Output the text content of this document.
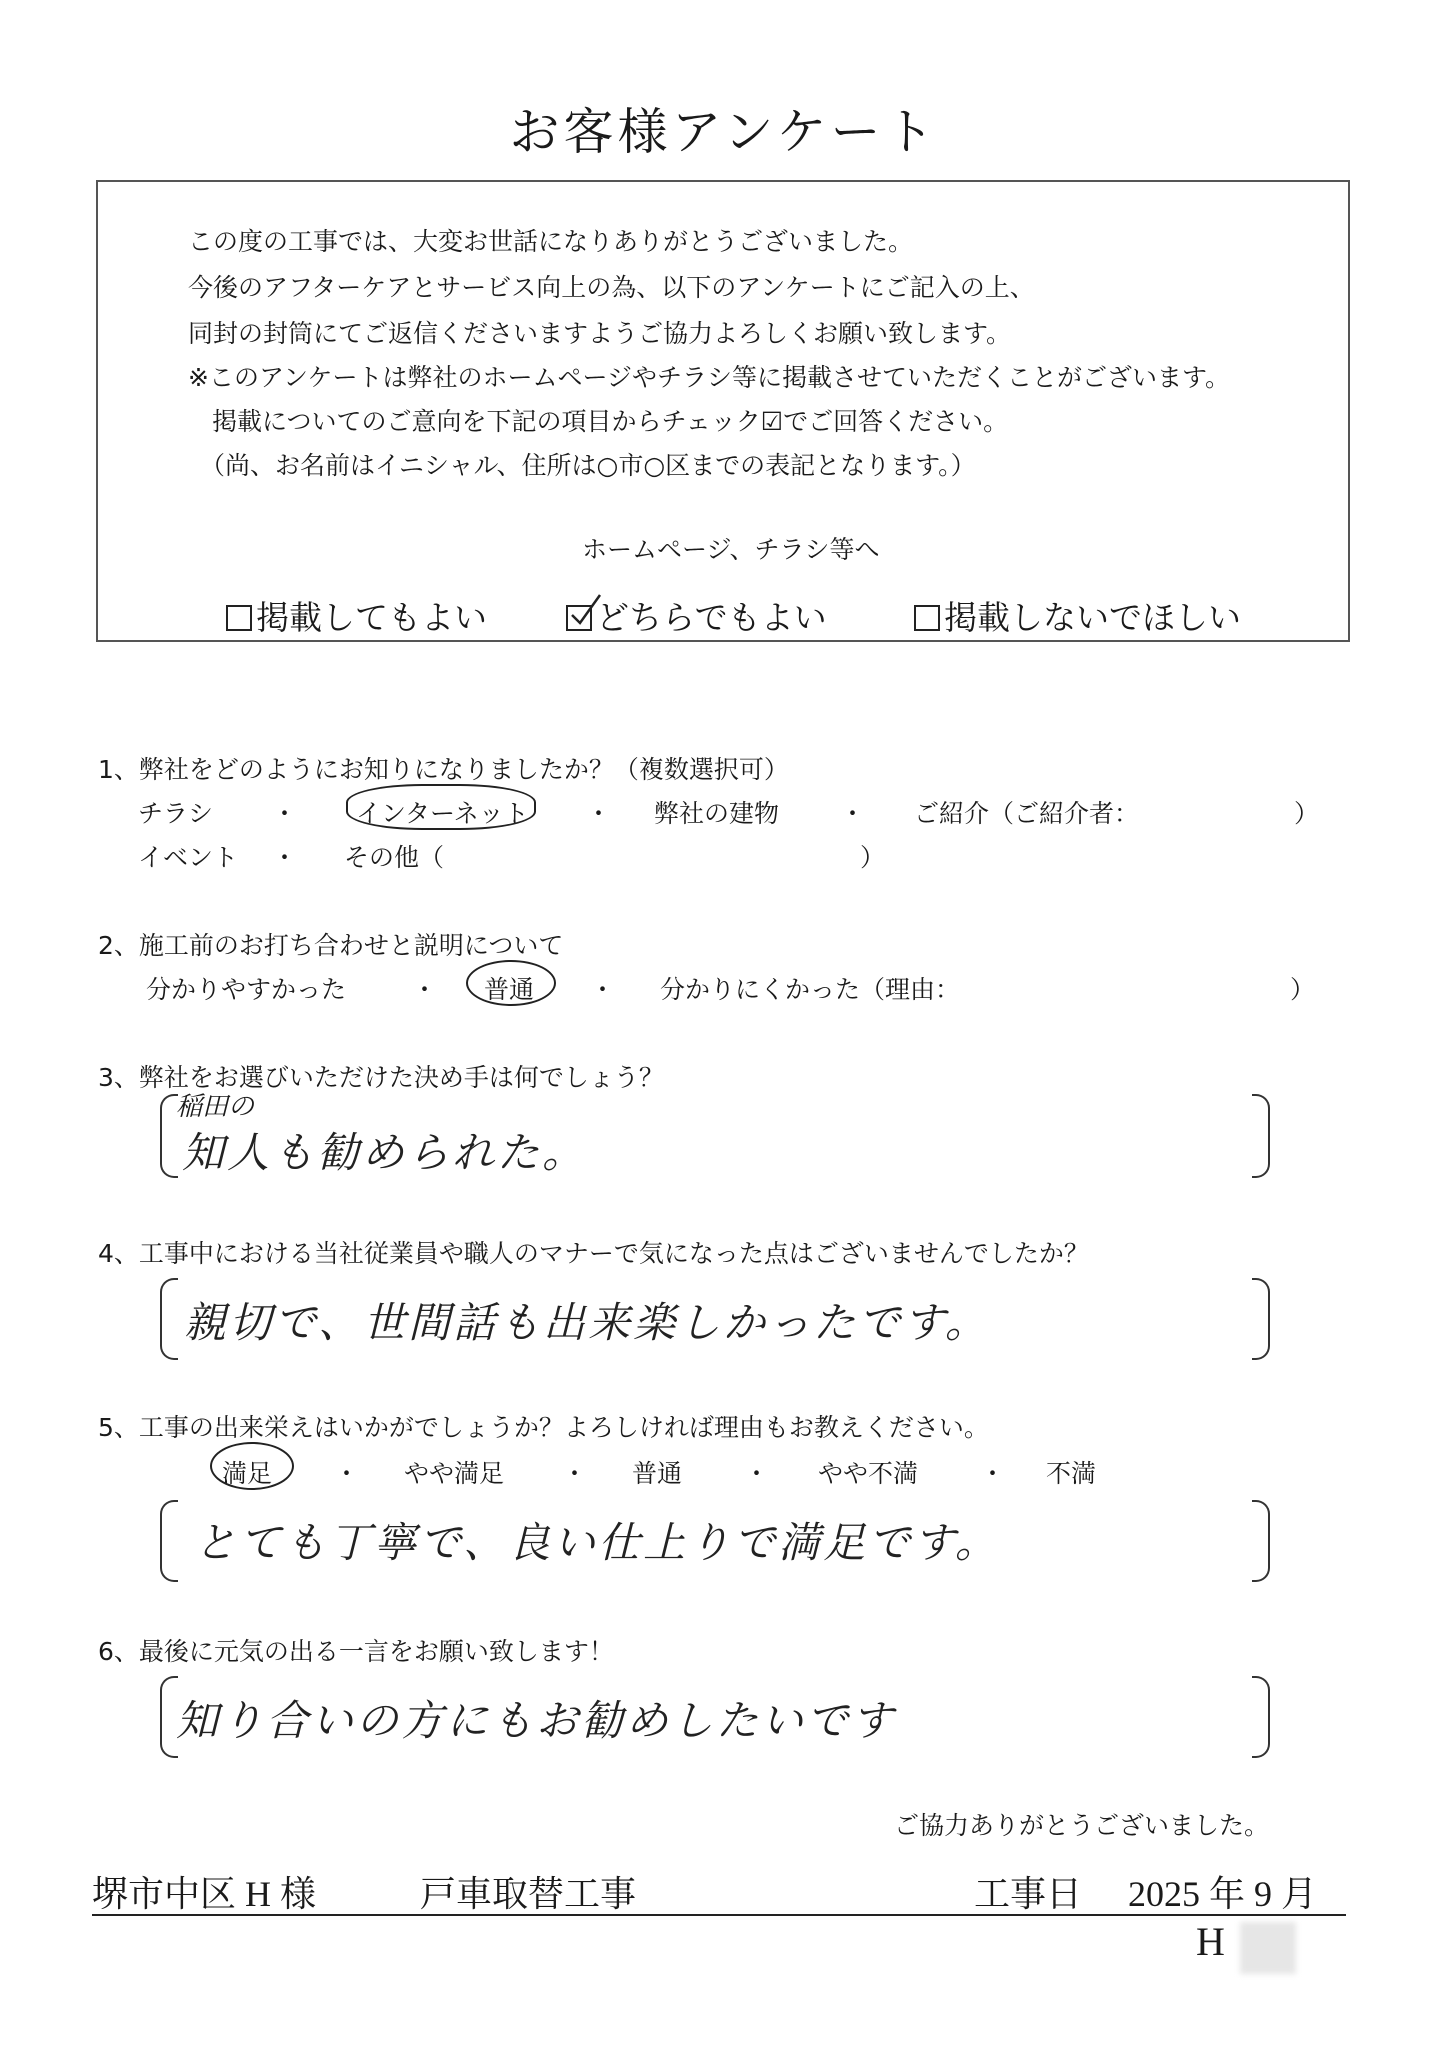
お客様アンケート
この度の工事では、大変お世話になりありがとうございました。
今後のアフターケアとサービス向上の為、以下のアンケートにご記入の上、
同封の封筒にてご返信くださいますようご協力よろしくお願い致します。
※このアンケートは弊社のホームページやチラシ等に掲載させていただくことがございます。
掲載についてのご意向を下記の項目からチェック☑でご回答ください。
（尚、お名前はイニシャル、住所は○市○区までの表記となります。）
ホームページ、チラシ等へ
掲載してもよい	どちらでもよい	掲載しないでほしい
1、弊社をどのようにお知りになりましたか？（複数選択可）
チラシ ・ インターネット ・ 弊社の建物 ・ ご紹介（ご紹介者：	）
イベント ・ その他（	）
2、施工前のお打ち合わせと説明について
分かりやすかった	・ 普通 ・ 分かりにくかった（理由：	）
3、弊社をお選びいただけた決め手は何でしょう？
稲田の
知人も勧められた。
4、工事中における当社従業員や職人のマナーで気になった点はございませんでしたか？
親切で、世間話も出来楽しかったです。
5、工事の出来栄えはいかがでしょうか？よろしければ理由もお教えください。
満足 ・ やや満足 ・ 普通 ・ やや不満 ・ 不満
とても丁寧で、良い仕上りで満足です。
6、最後に元気の出る一言をお願い致します！
知り合いの方にもお勧めしたいです
ご協力ありがとうございました。
堺市中区 H 様	戸車取替工事	工事日 2025 年 9 月
H
